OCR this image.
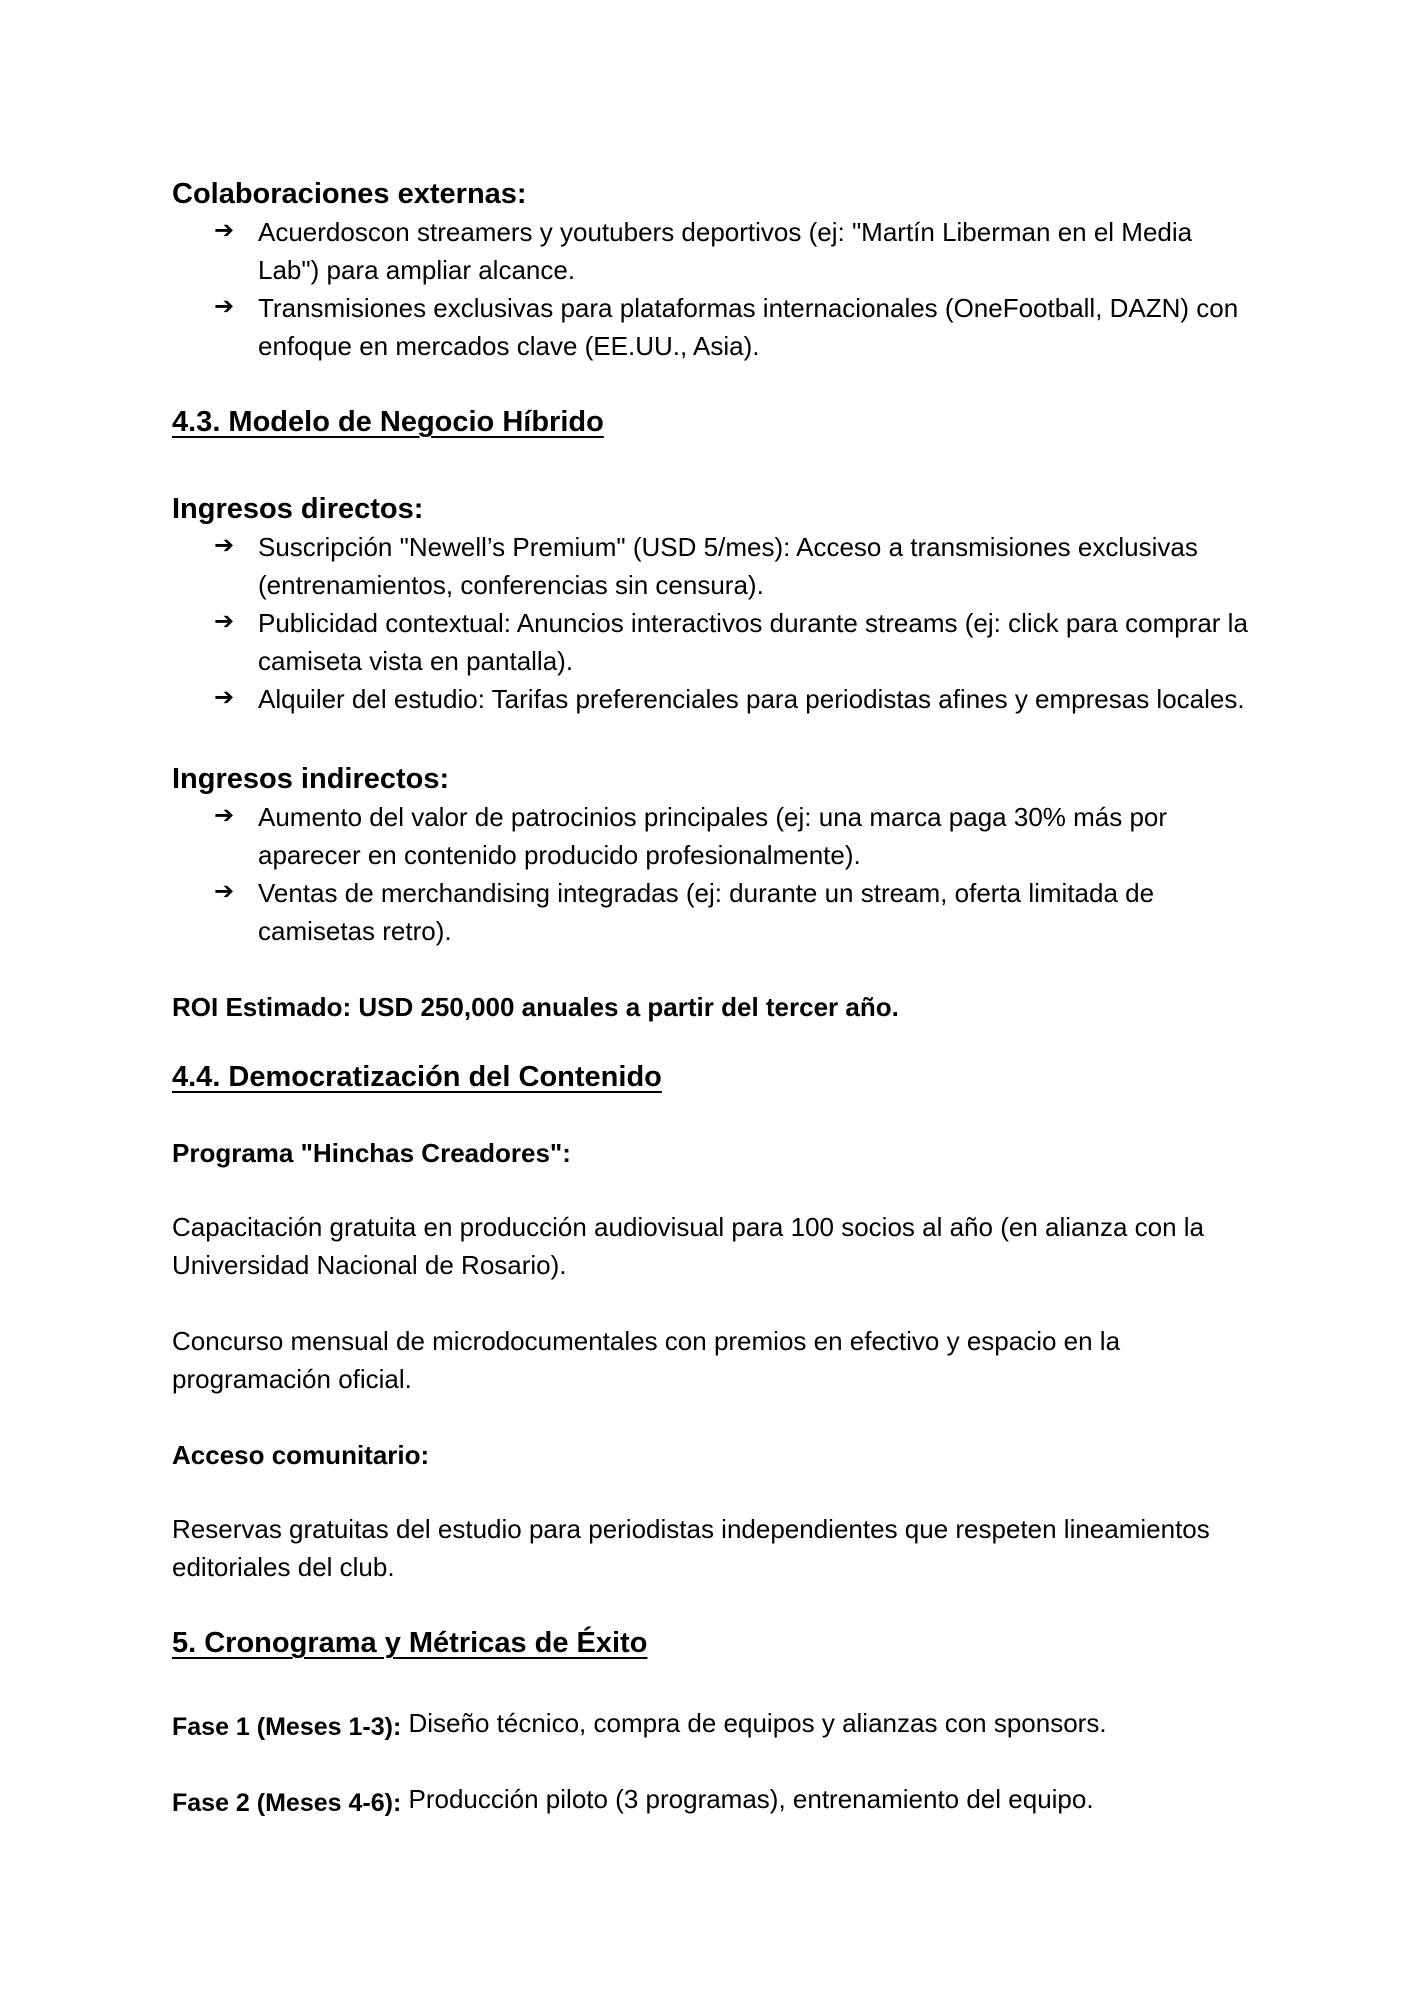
Colaboraciones externas:

➔ Acuerdoscon streamers y youtubers deportivos (ej: "Martín Liberman en el Media Lab") para ampliar alcance.
➔ Transmisiones exclusivas para plataformas internacionales (OneFootball, DAZN) con enfoque en mercados clave (EE.UU., Asia).
4.3. Modelo de Negocio Híbrido

Ingresos directos:

➔ Suscripción "Newell’s Premium" (USD 5/mes): Acceso a transmisiones exclusivas (entrenamientos, conferencias sin censura).
➔ Publicidad contextual: Anuncios interactivos durante streams (ej: click para comprar la camiseta vista en pantalla).
➔ Alquiler del estudio: Tarifas preferenciales para periodistas afines y empresas locales.

Ingresos indirectos:

➔ Aumento del valor de patrocinios principales (ej: una marca paga 30% más por aparecer en contenido producido profesionalmente).
➔ Ventas de merchandising integradas (ej: durante un stream, oferta limitada de camisetas retro).

ROI Estimado: USD 250,000 anuales a partir del tercer año.

4.4. Democratización del Contenido

Programa "Hinchas Creadores":

Capacitación gratuita en producción audiovisual para 100 socios al año (en alianza con la Universidad Nacional de Rosario).

Concurso mensual de microdocumentales con premios en efectivo y espacio en la programación oficial.

Acceso comunitario:

Reservas gratuitas del estudio para periodistas independientes que respeten lineamientos editoriales del club.

5. Cronograma y Métricas de Éxito

Fase 1 (Meses 1-3): Diseño técnico, compra de equipos y alianzas con sponsors.

Fase 2 (Meses 4-6): Producción piloto (3 programas), entrenamiento del equipo.
